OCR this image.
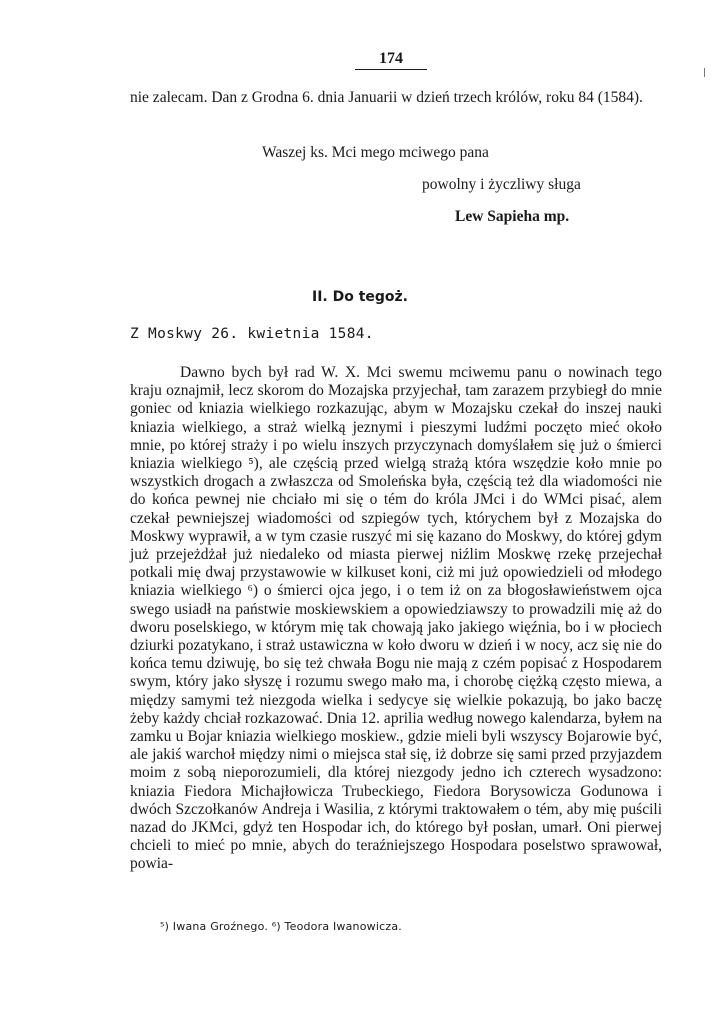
174
nie zalecam. Dan z Grodna 6. dnia Januarii w dzień trzech królów, roku 84 (1584).
Waszej ks. Mci mego mciwego pana
powolny i życzliwy sługa
Lew Sapieha mp.
II. Do tegoż.
Z Moskwy 26. kwietnia 1584.
Dawno bych był rad W. X. Mci swemu mciwemu panu o nowinach tego kraju oznajmił, lecz skorom do Mozajska przyjechał, tam zarazem przybiegł do mnie goniec od kniazia wielkiego rozkazując, abym w Mozajsku czekał do inszej nauki kniazia wielkiego, a straż wielką jeznymi i pieszymi ludźmi poczęto mieć około mnie, po której straży i po wielu inszych przyczynach domyślałem się już o śmierci kniazia wielkiego ⁵), ale częścią przed wielgą strażą która wszędzie koło mnie po wszystkich drogach a zwłaszcza od Smoleńska była, częścią też dla wiadomości nie do końca pewnej nie chciało mi się o tém do króla JMci i do WMci pisać, alem czekał pewniejszej wiadomości od szpiegów tych, którychem był z Mozajska do Moskwy wyprawił, a w tym czasie ruszyć mi się kazano do Moskwy, do której gdym już przejeżdżał już niedaleko od miasta pierwej niźlim Moskwę rzekę przejechał potkali mię dwaj przystawowie w kilkuset koni, ciż mi już opowiedzieli od młodego kniazia wielkiego ⁶) o śmierci ojca jego, i o tem iż on za błogosławieństwem ojca swego usiadł na państwie moskiewskiem a opowiedziawszy to prowadzili mię aż do dworu poselskiego, w którym mię tak chowają jako jakiego więźnia, bo i w płociech dziurki pozatykano, i straż ustawiczna w koło dworu w dzień i w nocy, acz się nie do końca temu dziwuję, bo się też chwała Bogu nie mają z czém popisać z Hospodarem swym, który jako słyszę i rozumu swego mało ma, i chorobę ciężką często miewa, a między samymi też niezgoda wielka i sedycye się wielkie pokazują, bo jako baczę żeby każdy chciał rozkazować. Dnia 12. aprilia według nowego kalendarza, byłem na zamku u Bojar kniazia wielkiego moskiew., gdzie mieli byli wszyscy Bojarowie być, ale jakiś warchoł między nimi o miejsca stał się, iż dobrze się sami przed przyjazdem moim z sobą nieporozumieli, dla której niezgody jedno ich czterech wysadzono: kniazia Fiedora Michajłowicza Trubeckiego, Fiedora Borysowicza Godunowa i dwóch Szczołkanów Andreja i Wasilia, z którymi traktowałem o tém, aby mię puścili nazad do JKMci, gdyż ten Hospodar ich, do którego był posłan, umarł. Oni pierwej chcieli to mieć po mnie, abych do teraźniejszego Hospodara poselstwo sprawował, powia-
⁵) Iwana Groźnego. ⁶) Teodora Iwanowicza.
